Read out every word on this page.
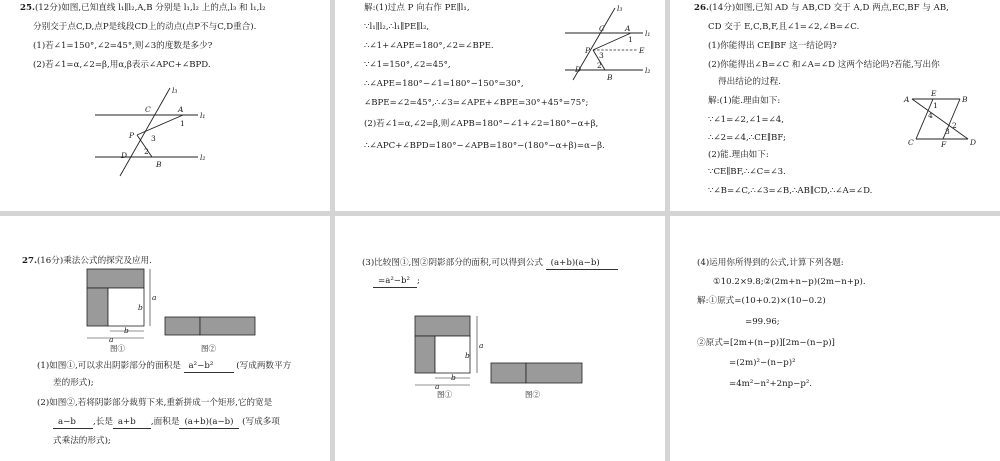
25.(12分)如图,已知直线 l₁∥l₂,A,B 分别是 l₁,l₂ 上的点,l₃ 和 l₁,l₂
分别交于点C,D,点P是线段CD上的动点(点P不与C,D重合).
(1)若∠1=150°,∠2=45°,则∠3的度数是多少?
(2)若∠1=α,∠2=β,用α,β表示∠APC+∠BPD.
l₃
l₁
l₂
C	A
P
D
B
1
2
3
解:(1)过点 P 向右作 PE∥l₁,
∵l₁∥l₂,∴l₁∥PE∥l₂,
∴∠1+∠APE=180°,∠2=∠BPE.
∵∠1=150°,∠2=45°,
∴∠APE=180°−∠1=180°−150°=30°,
∠BPE=∠2=45°,∴∠3=∠APE+∠BPE=30°+45°=75°;
(2)若∠1=α,∠2=β,则∠APB=180°−∠1+∠2=180°−α+β,
∴∠APC+∠BPD=180°−∠APB=180°−(180°−α+β)=α−β.
l₃
l₁
l₂
C	A
P	E
D
B
1
2
3
26.(14分)如图,已知 AD 与 AB,CD 交于 A,D 两点,EC,BF 与 AB,
CD 交于 E,C,B,F,且∠1=∠2,∠B=∠C.
(1)你能得出 CE∥BF 这一结论吗?
(2)你能得出∠B=∠C 和∠A=∠D 这两个结论吗?若能,写出你
得出结论的过程.
解:(1)能.理由如下:
∵∠1=∠2,∠1=∠4,
∴∠2=∠4,∴CE∥BF;
(2)能.理由如下:
∵CE∥BF,∴∠C=∠3.
∵∠B=∠C,∴∠3=∠B,∴AB∥CD,∴∠A=∠D.
A
E
B
C	F	D
1
2
3
4
27.(16分)乘法公式的探究及应用.
a
b
b
a
图①	图②
(1)如图①,可以求出阴影部分的面积是 a²−b²	(写成两数平方
差的形式);
(2)如图②,若将阴影部分裁剪下来,重新拼成一个矩形,它的宽是
a−b ,长是 a+b ,面积是 (a+b)(a−b) (写成多项
式乘法的形式);
(3)比较图①,图②阴影部分的面积,可以得到公式 (a+b)(a−b)
=a²−b² ;
a
b
b
a
图①	图②
(4)运用你所得到的公式,计算下列各题:
①10.2×9.8;②(2m+n−p)(2m−n+p).
解:①原式=(10+0.2)×(10−0.2)
=99.96;
②原式=[2m+(n−p)][2m−(n−p)]
=(2m)²−(n−p)²
=4m²−n²+2np−p².
